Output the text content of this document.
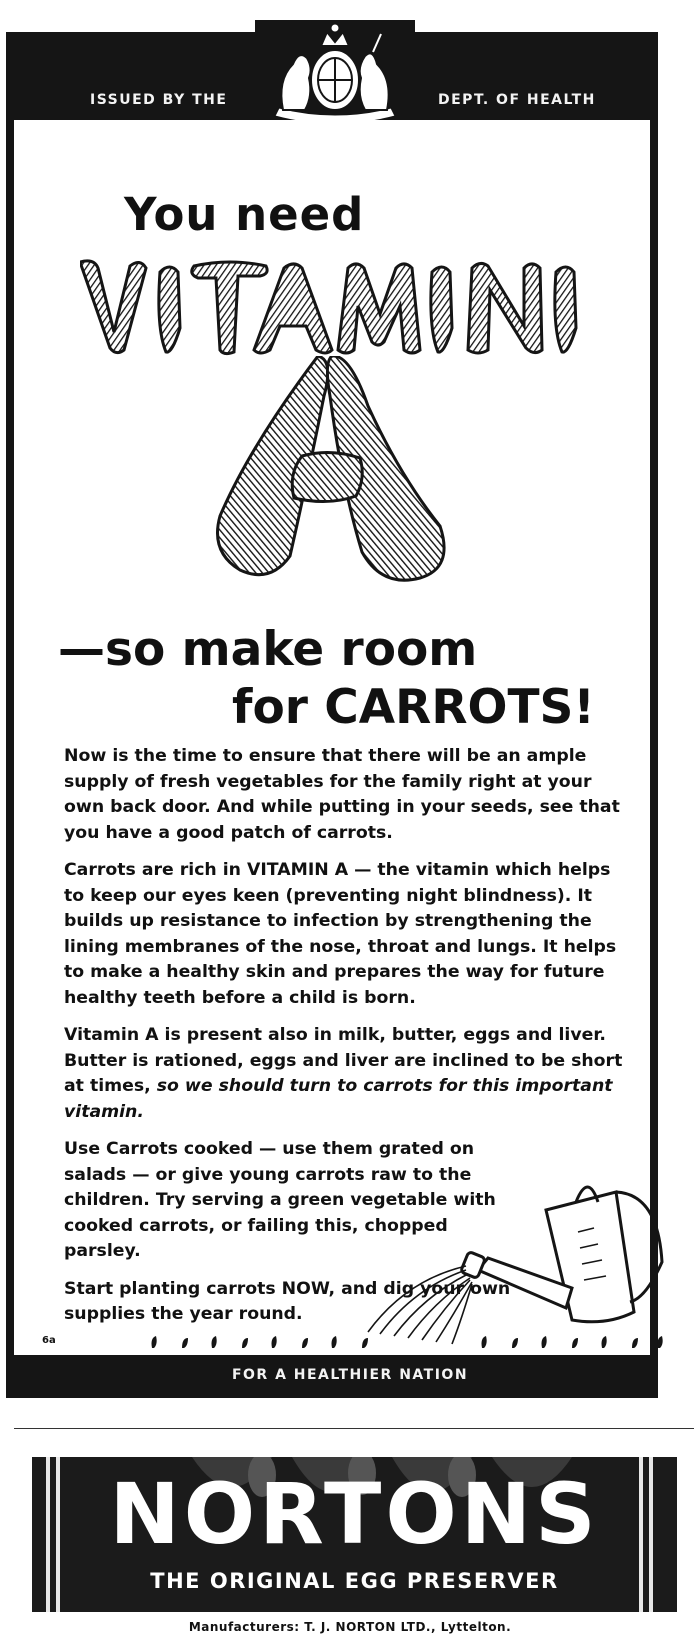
ISSUED BY THE	DEPT. OF HEALTH
You need
—so make room
for CARROTS!

Now is the time to ensure that there will be an ample supply of fresh vegetables for the family right at your own back door. And while putting in your seeds, see that you have a good patch of carrots.

Carrots are rich in VITAMIN A — the vitamin which helps to keep our eyes keen (preventing night blindness). It builds up resistance to infection by strengthening the lining membranes of the nose, throat and lungs. It helps to make a healthy skin and prepares the way for future healthy teeth before a child is born.

Vitamin A is present also in milk, butter, eggs and liver. Butter is rationed, eggs and liver are inclined to be short at times, so we should turn to carrots for this important vitamin.

Use Carrots cooked — use them grated on salads — or give young carrots raw to the children. Try serving a green vegetable with cooked carrots, or failing this, chopped parsley.

Start planting carrots NOW, and dig your own supplies the year round.

6a
FOR A HEALTHIER NATION
NORTONS
THE ORIGINAL EGG PRESERVER
Manufacturers: T. J. NORTON LTD., Lyttelton.
